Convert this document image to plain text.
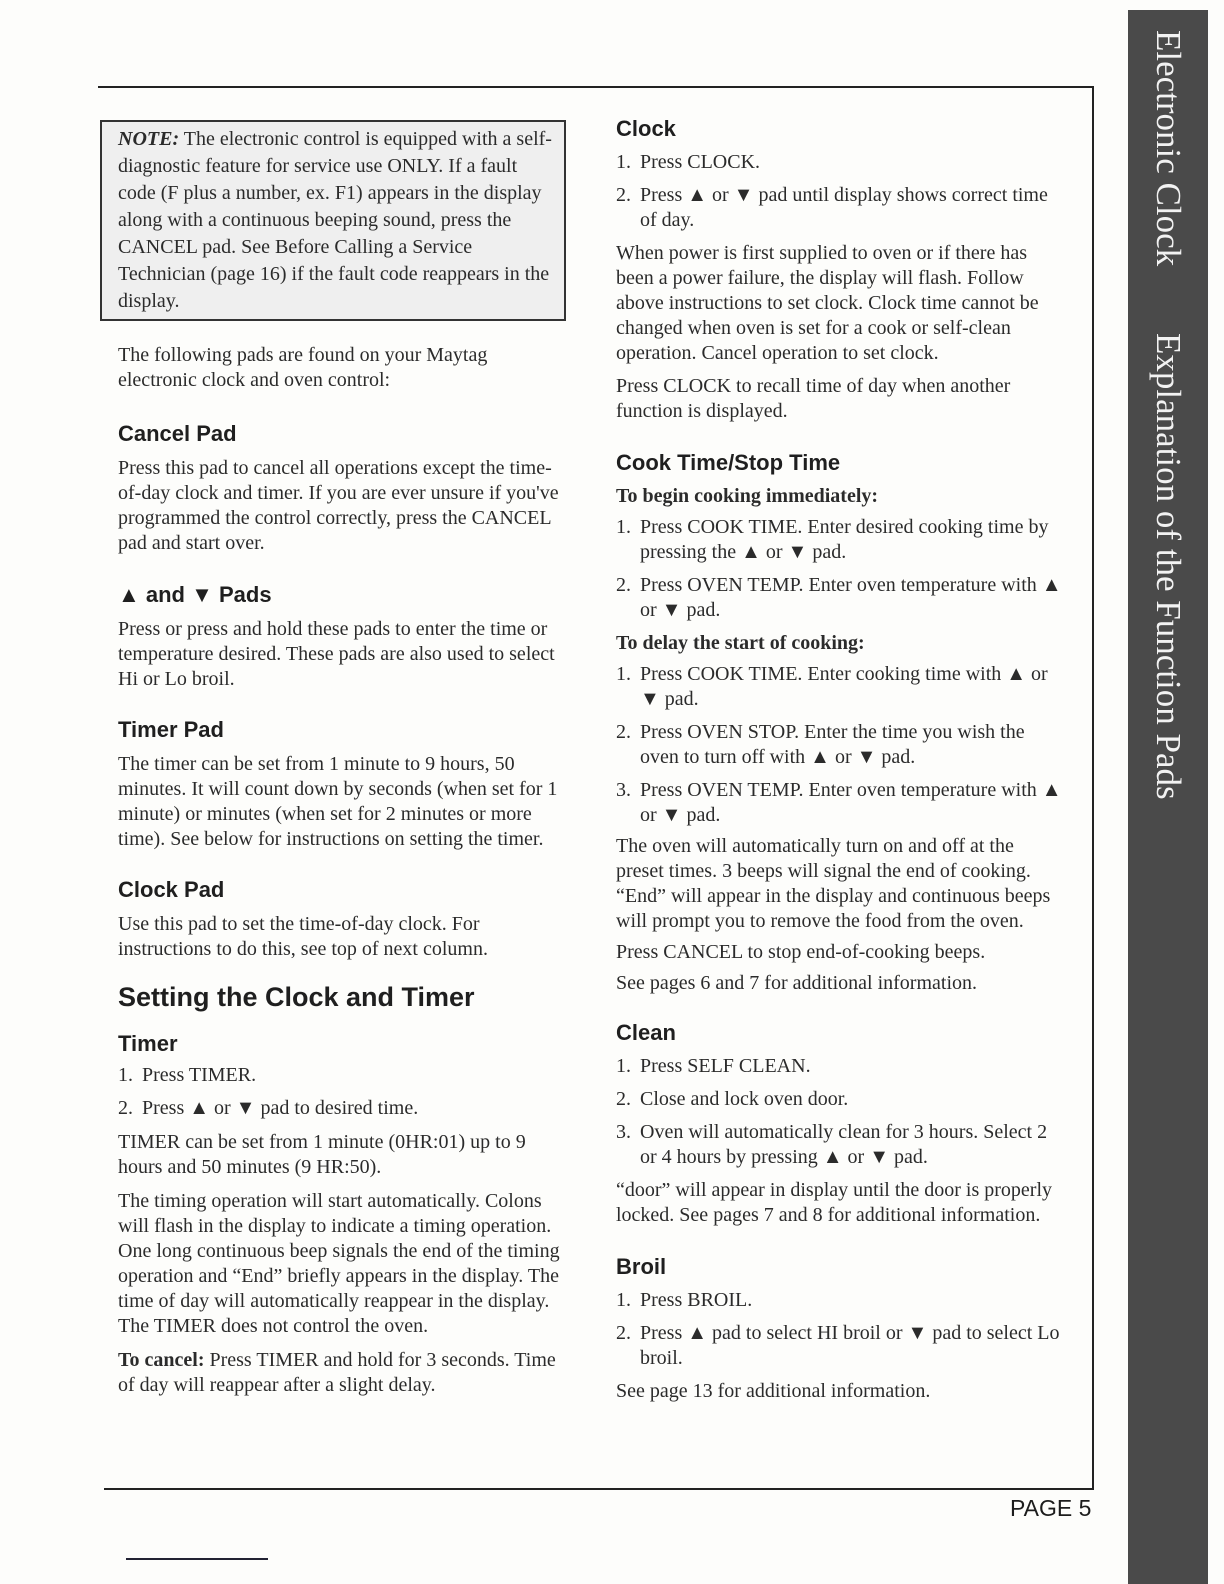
Electronic Clock Explanation of the Function Pads
PAGE 5

NOTE: The electronic control is equipped with a self-diagnostic feature for service use ONLY. If a fault code (F plus a number, ex. F1) appears in the display along with a continuous beeping sound, press the CANCEL pad. See Before Calling a Service Technician (page 16) if the fault code reappears in the display.

The following pads are found on your Maytag electronic clock and oven control:

Cancel Pad

Press this pad to cancel all operations except the time-of-day clock and timer. If you are ever unsure if you've programmed the control correctly, press the CANCEL pad and start over.

▲ and ▼ Pads

Press or press and hold these pads to enter the time or temperature desired. These pads are also used to select Hi or Lo broil.

Timer Pad

The timer can be set from 1 minute to 9 hours, 50 minutes. It will count down by seconds (when set for 1 minute) or minutes (when set for 2 minutes or more time). See below for instructions on setting the timer.

Clock Pad

Use this pad to set the time-of-day clock. For instructions to do this, see top of next column.

Setting the Clock and Timer
Timer
1. Press TIMER.
2. Press ▲ or ▼ pad to desired time.

TIMER can be set from 1 minute (0HR:01) up to 9 hours and 50 minutes (9 HR:50).

The timing operation will start automatically. Colons will flash in the display to indicate a timing operation. One long continuous beep signals the end of the timing operation and “End” briefly appears in the display. The time of day will automatically reappear in the display. The TIMER does not control the oven.

To cancel: Press TIMER and hold for 3 seconds. Time of day will reappear after a slight delay.

Clock
1. Press CLOCK.
2. Press ▲ or ▼ pad until display shows correct time of day.

When power is first supplied to oven or if there has been a power failure, the display will flash. Follow above instructions to set clock. Clock time cannot be changed when oven is set for a cook or self-clean operation. Cancel operation to set clock.

Press CLOCK to recall time of day when another function is displayed.

Cook Time/Stop Time

To begin cooking immediately:

1. Press COOK TIME. Enter desired cooking time by pressing the ▲ or ▼ pad.
2. Press OVEN TEMP. Enter oven temperature with ▲ or ▼ pad.

To delay the start of cooking:

1. Press COOK TIME. Enter cooking time with ▲ or ▼ pad.
2. Press OVEN STOP. Enter the time you wish the oven to turn off with ▲ or ▼ pad.
3. Press OVEN TEMP. Enter oven temperature with ▲ or ▼ pad.

The oven will automatically turn on and off at the preset times. 3 beeps will signal the end of cooking. “End” will appear in the display and continuous beeps will prompt you to remove the food from the oven.

Press CANCEL to stop end-of-cooking beeps.

See pages 6 and 7 for additional information.

Clean
1. Press SELF CLEAN.
2. Close and lock oven door.
3. Oven will automatically clean for 3 hours. Select 2 or 4 hours by pressing ▲ or ▼ pad.

“door” will appear in display until the door is properly locked. See pages 7 and 8 for additional information.

Broil
1. Press BROIL.
2. Press ▲ pad to select HI broil or ▼ pad to select Lo broil.

See page 13 for additional information.
